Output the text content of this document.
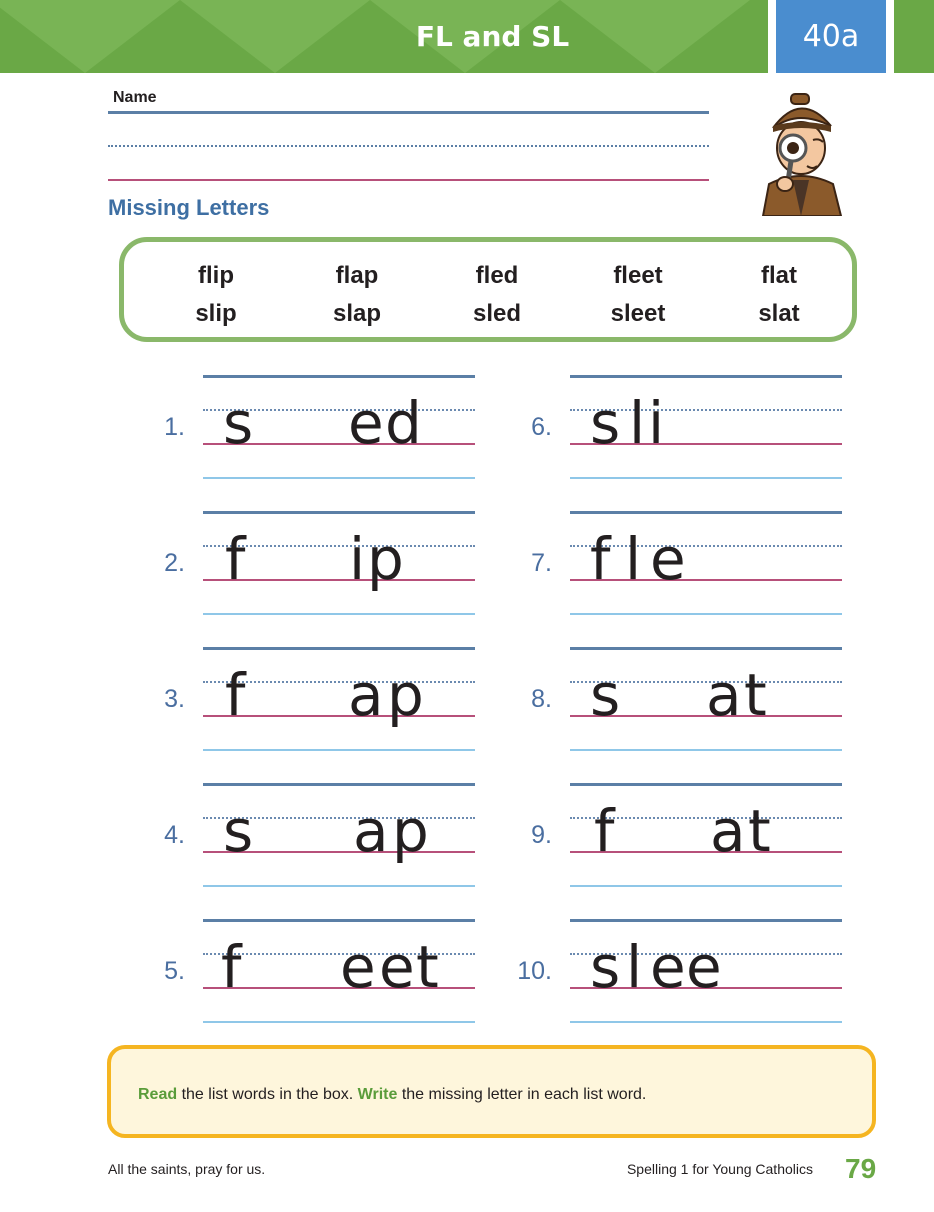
FL and SL	40a
Name
Missing Letters
flip	flap	fled	fleet	flat
slip	slap	sled	sleet	slat
1. s e d
2. f i p
3. f a p
4. s a p
5. f e e t
6. s l i
7. f l e
8. s a t
9. f a t
10. s l e e
Read the list words in the box. Write the missing letter in each list word.
All the saints, pray for us.	Spelling 1 for Young Catholics 79
